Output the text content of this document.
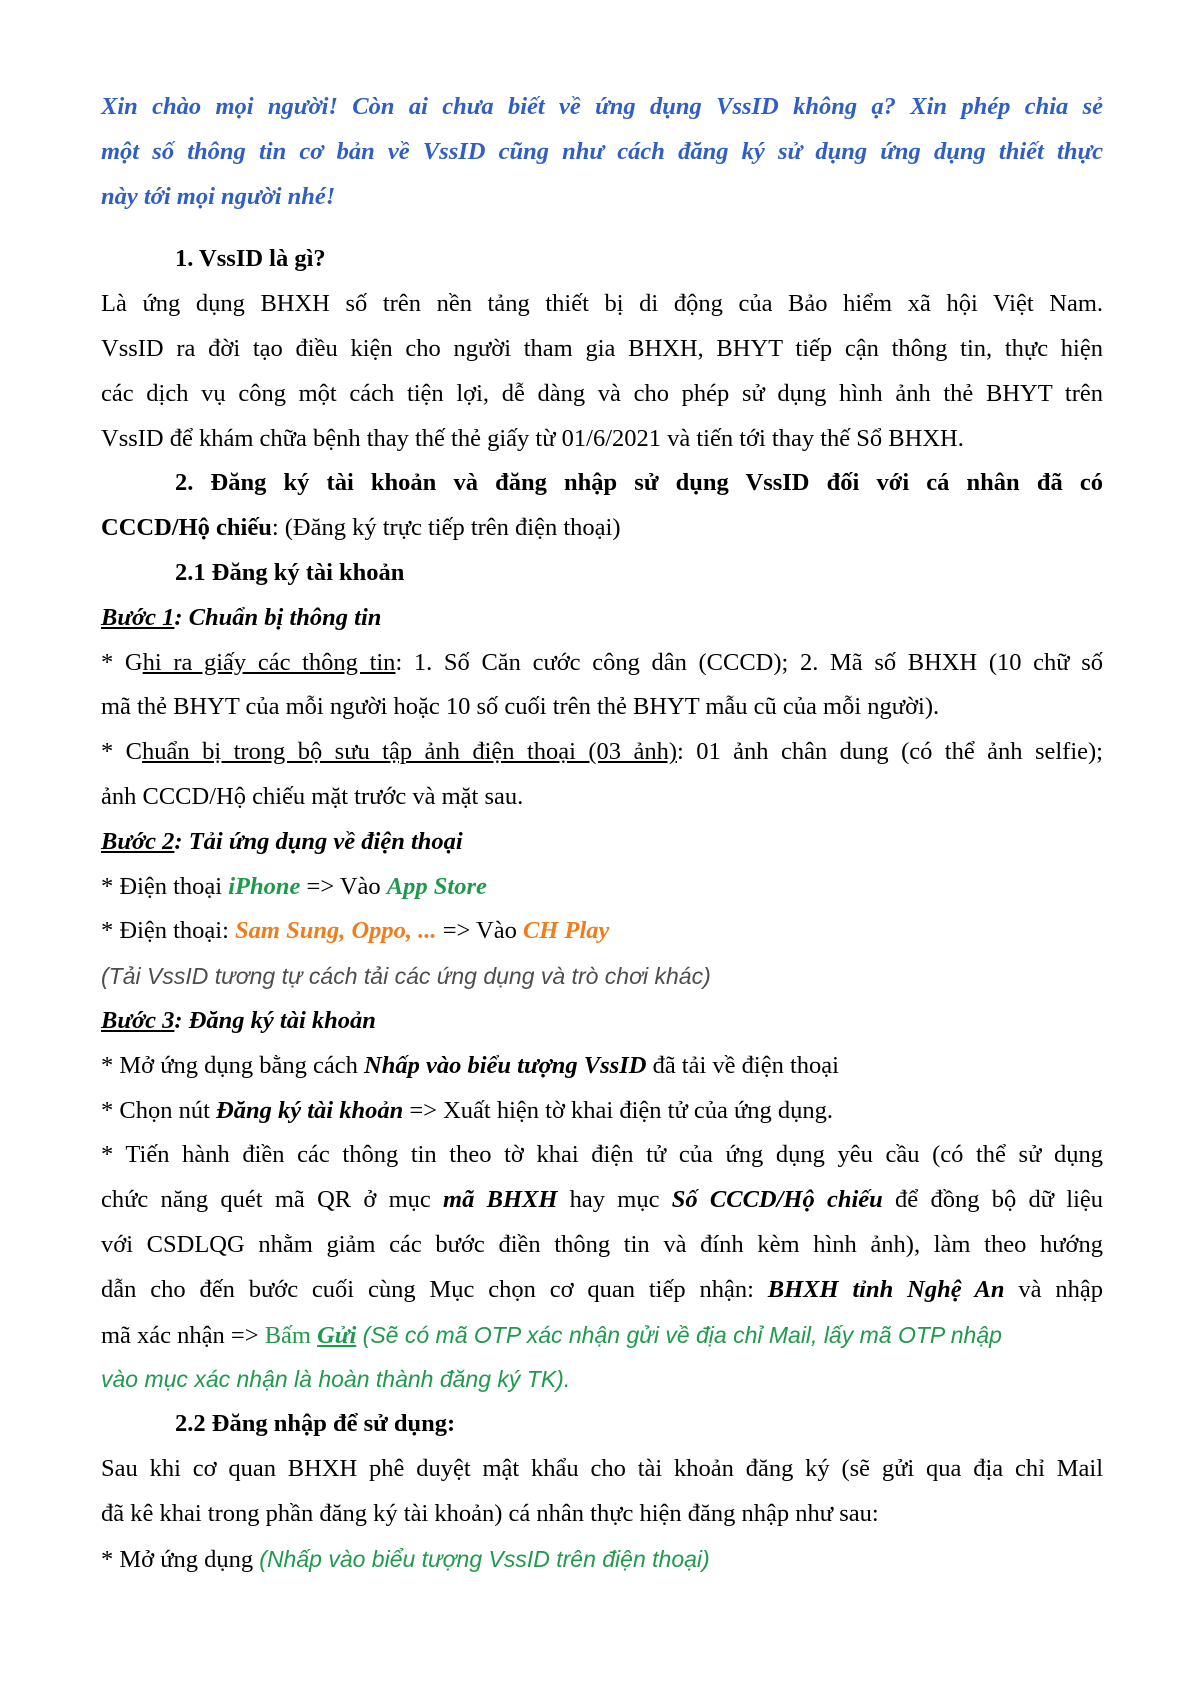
Xin chào mọi người! Còn ai chưa biết về ứng dụng VssID không ạ? Xin phép chia sẻ
một số thông tin cơ bản về VssID cũng như cách đăng ký sử dụng ứng dụng thiết thực
này tới mọi người nhé!
1. VssID là gì?
Là ứng dụng BHXH số trên nền tảng thiết bị di động của Bảo hiểm xã hội Việt Nam.
VssID ra đời tạo điều kiện cho người tham gia BHXH, BHYT tiếp cận thông tin, thực hiện
các dịch vụ công một cách tiện lợi, dễ dàng và cho phép sử dụng hình ảnh thẻ BHYT trên
VssID để khám chữa bệnh thay thế thẻ giấy từ 01/6/2021 và tiến tới thay thế Sổ BHXH.
2. Đăng ký tài khoản và đăng nhập sử dụng VssID đối với cá nhân đã có
CCCD/Hộ chiếu: (Đăng ký trực tiếp trên điện thoại)
2.1 Đăng ký tài khoản
Bước 1: Chuẩn bị thông tin
* Ghi ra giấy các thông tin: 1. Số Căn cước công dân (CCCD); 2. Mã số BHXH (10 chữ số
mã thẻ BHYT của mỗi người hoặc 10 số cuối trên thẻ BHYT mẫu cũ của mỗi người).
* Chuẩn bị trong bộ sưu tập ảnh điện thoại (03 ảnh): 01 ảnh chân dung (có thể ảnh selfie);
ảnh CCCD/Hộ chiếu mặt trước và mặt sau.
Bước 2: Tải ứng dụng về điện thoại
* Điện thoại iPhone => Vào App Store
* Điện thoại: Sam Sung, Oppo, ... => Vào CH Play
(Tải VssID tương tự cách tải các ứng dụng và trò chơi khác)
Bước 3: Đăng ký tài khoản
* Mở ứng dụng bằng cách Nhấp vào biểu tượng VssID đã tải về điện thoại
* Chọn nút Đăng ký tài khoản => Xuất hiện tờ khai điện tử của ứng dụng.
* Tiến hành điền các thông tin theo tờ khai điện tử của ứng dụng yêu cầu (có thể sử dụng
chức năng quét mã QR ở mục mã BHXH hay mục Số CCCD/Hộ chiếu để đồng bộ dữ liệu
với CSDLQG nhằm giảm các bước điền thông tin và đính kèm hình ảnh), làm theo hướng
dẫn cho đến bước cuối cùng Mục chọn cơ quan tiếp nhận: BHXH tỉnh Nghệ An và nhập
mã xác nhận => Bấm Gửi (Sẽ có mã OTP xác nhận gửi về địa chỉ Mail, lấy mã OTP nhập
vào mục xác nhận là hoàn thành đăng ký TK).
2.2 Đăng nhập để sử dụng:
Sau khi cơ quan BHXH phê duyệt mật khẩu cho tài khoản đăng ký (sẽ gửi qua địa chỉ Mail
đã kê khai trong phần đăng ký tài khoản) cá nhân thực hiện đăng nhập như sau:
* Mở ứng dụng (Nhấp vào biểu tượng VssID trên điện thoại)
